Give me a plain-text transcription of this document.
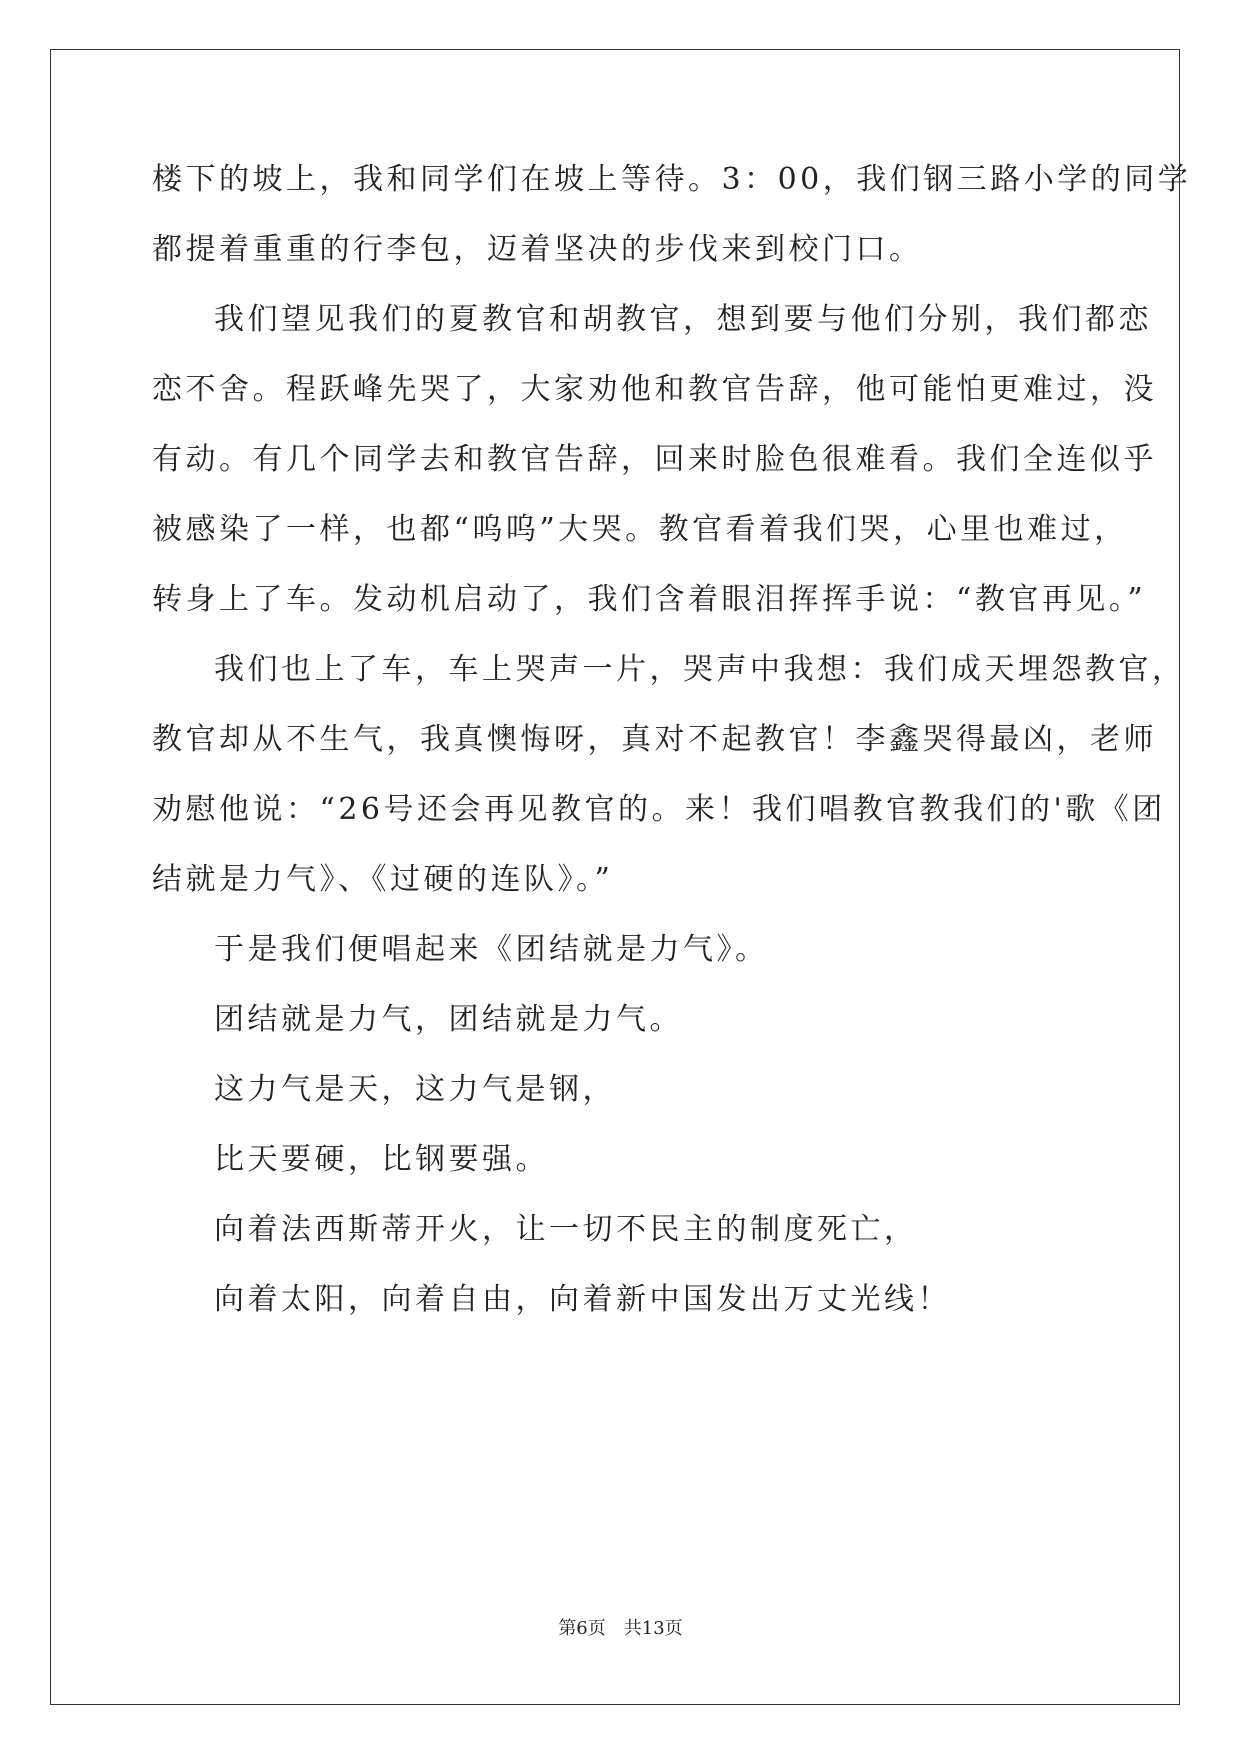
楼下的坡上，我和同学们在坡上等待。3：00，我们钢三路小学的同学
都提着重重的行李包，迈着坚决的步伐来到校门口。
我们望见我们的夏教官和胡教官，想到要与他们分别，我们都恋
恋不舍。程跃峰先哭了，大家劝他和教官告辞，他可能怕更难过，没
有动。有几个同学去和教官告辞，回来时脸色很难看。我们全连似乎
被感染了一样，也都“呜呜”大哭。教官看着我们哭，心里也难过，
转身上了车。发动机启动了，我们含着眼泪挥挥手说：“教官再见。”
我们也上了车，车上哭声一片，哭声中我想：我们成天埋怨教官，
教官却从不生气，我真懊悔呀，真对不起教官！李鑫哭得最凶，老师
劝慰他说：“26号还会再见教官的。来！我们唱教官教我们的'歌《团
结就是力气》、《过硬的连队》。”
于是我们便唱起来《团结就是力气》。
团结就是力气，团结就是力气。
这力气是天，这力气是钢，
比天要硬，比钢要强。
向着法西斯蒂开火，让一切不民主的制度死亡，
向着太阳，向着自由，向着新中国发出万丈光线！
第6页 共13页
